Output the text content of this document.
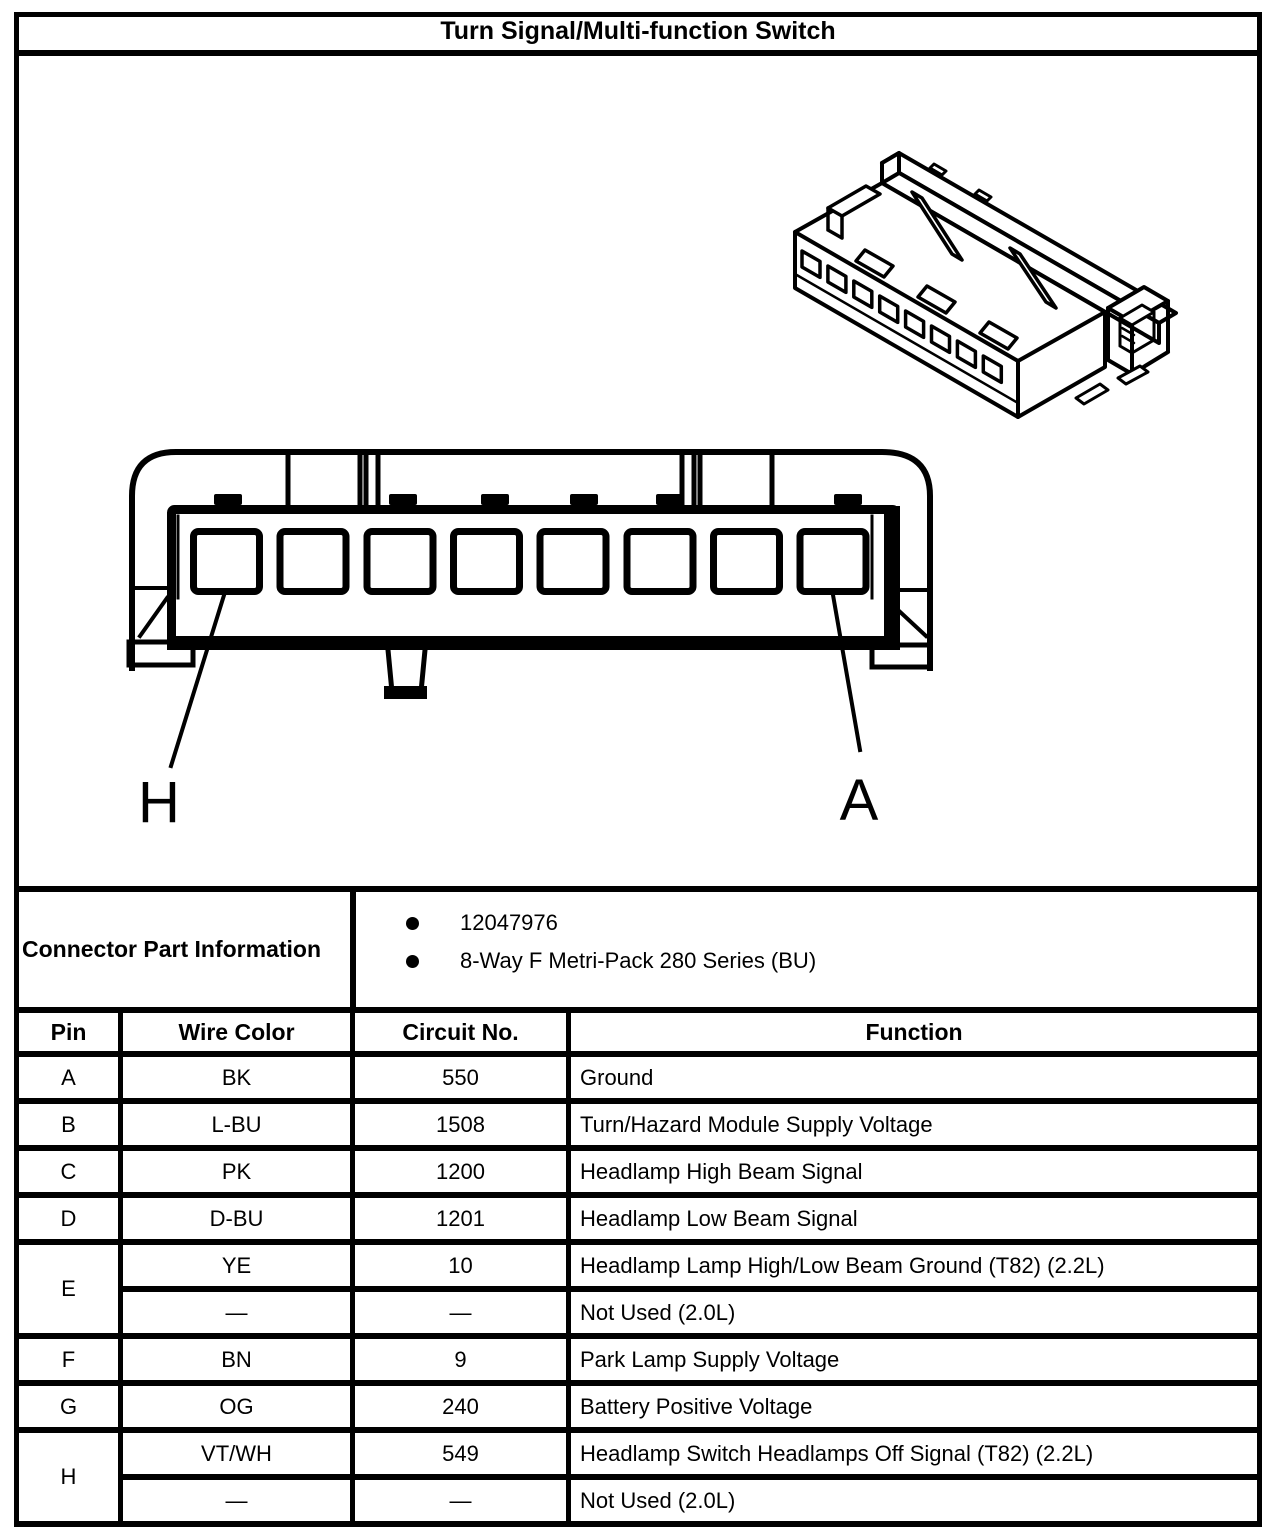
Turn Signal/Multi-function Switch
H	A
Connector Part Information
12047976
8-Way F Metri-Pack 280 Series (BU)
Pin	Wire Color	Circuit No.	Function
A	BK	550	Ground
B	L-BU	1508	Turn/Hazard Module Supply Voltage
C	PK	1200	Headlamp High Beam Signal
D	D-BU	1201	Headlamp Low Beam Signal
E	YE	10	Headlamp Lamp High/Low Beam Ground (T82) (2.2L)
	—	—	Not Used (2.0L)
F	BN	9	Park Lamp Supply Voltage
G	OG	240	Battery Positive Voltage
H	VT/WH	549	Headlamp Switch Headlamps Off Signal (T82) (2.2L)
	—	—	Not Used (2.0L)
